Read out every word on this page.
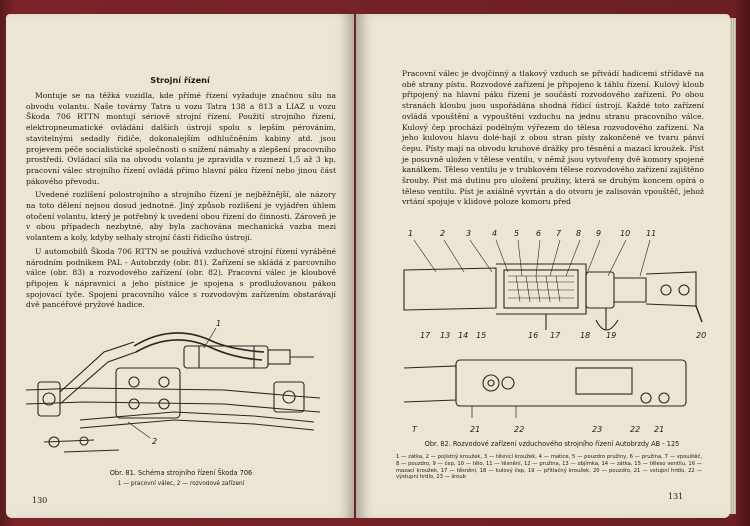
Strojní řízení

Montuje se na těžká vozidla, kde přímé řízení vyžaduje značnou sílu na obvodu volantu. Naše továrny Tatra u vozu Tatra 138 a 813 a LIAZ u vozu Škoda 706 RTTN montují sériově strojní řízení. Použití strojního řízení, elektropneumatické ovládání dalších ústrojí spolu s lepším pérováním, stavitelnými sedadly řidiče, dokonalejším odhlučněním kabiny atd. jsou projevem péče socialistické společnosti o snížení námahy a zlepšení pracovního prostředí. Ovládací síla na obvodu volantu je zpravidla v rozmezí 1,5 až 3 kp, pracovní válec strojního řízení ovládá přímo hlavní páku řízení nebo jinou část pákového převodu.

Uvedené rozlišení polostrojního a strojního řízení je nejběžnější, ale názory na toto dělení nejsou dosud jednotné. Jiný způsob rozlišení je vyjádřen úhlem otočení volantu, který je potřebný k uvedení obou řízení do činnosti. Zároveň je v obou případech nezbytné, aby byla zachována mechanická vazba mezi volantem a koly, kdyby selhaly strojní části řídicího ústrojí.

U automobilů Škoda 706 RTTN se používá vzduchové strojní řízení vyráběné národním podnikem PAL - Autobrzdy (obr. 81). Zařízení se skládá z parcovního válce (obr. 83) a rozvodového zařízení (obr. 82). Pracovní válec je kloubově připojen k nápravnici a jeho pístnice je spojena s prodlužovanou pákou spojovací tyče. Spojení pracovního válce s rozvodovým zařízením obstarávají dvě pancéřové pryžové hadice.

1
2
Obr. 81. Schéma strojního řízení Škoda 706
1 — pracovní válec, 2 — rozvodové zařízení
130

Pracovní válec je dvojčinný a tlakový vzduch se přivádí hadicemi střídavě na obě strany pístu. Rozvodové zařízení je připojeno k táhlu řízení. Kulový kloub připojený na hlavní páku řízení je součástí rozvodového zařízení. Po obou stranách kloubu jsou uspořádána shodná řídicí ústrojí. Každé toto zařízení ovládá vpouštění a vypouštění vzduchu na jednu stranu pracovního válce. Kulový čep prochází podélným výřezem do tělesa rozvodového zařízení. Na jeho kulovou hlavu dolé-hají z obou stran písty zakončené ve tvaru pánví čepu. Písty mají na obvodu kruhové drážky pro těsnění a mazací kroužek. Píst je posuvně uložen v tělese ventilu, v němž jsou vytvořeny dvě komory spojené kanálkem. Těleso ventilu je v trubkovém tělese rozvodového zařízení zajištěno šrouby. Píst má dutinu pro uložení pružiny, která se druhým koncem opírá o těleso ventilu. Píst je axiálně vyvrtán a do otvoru je zalisován vpouštěč, jehož vrtání spojuje v klidové poloze komoru před

1	2	3	4 5 6 7 8 9 10 11
17 13 14 15	16 17 18 19	20
T	21	22	23	22 21
Obr. 82. Rozvodové zařízení vzduchového strojního řízení Autobrzdy AB - 125
1 — zátka, 2 — pojistný kroužek, 3 — těsnicí kroužek, 4 — matice, 5 — pouzdro pružiny, 6 — pružina, 7 — vpouštěč, 8 — pouzdro, 9 — čep, 10 — tělo, 11 — těsnění, 12 — pružina, 13 — objímka, 14 — zátka, 15 — těleso ventilu, 16 — mazací kroužek, 17 — těsnění, 18 — kulový čep, 19 — přítlačný kroužek, 20 — pouzdro, 21 — vstupní hrdlo, 22 — výstupní hrdlo, 23 — šroub
131
